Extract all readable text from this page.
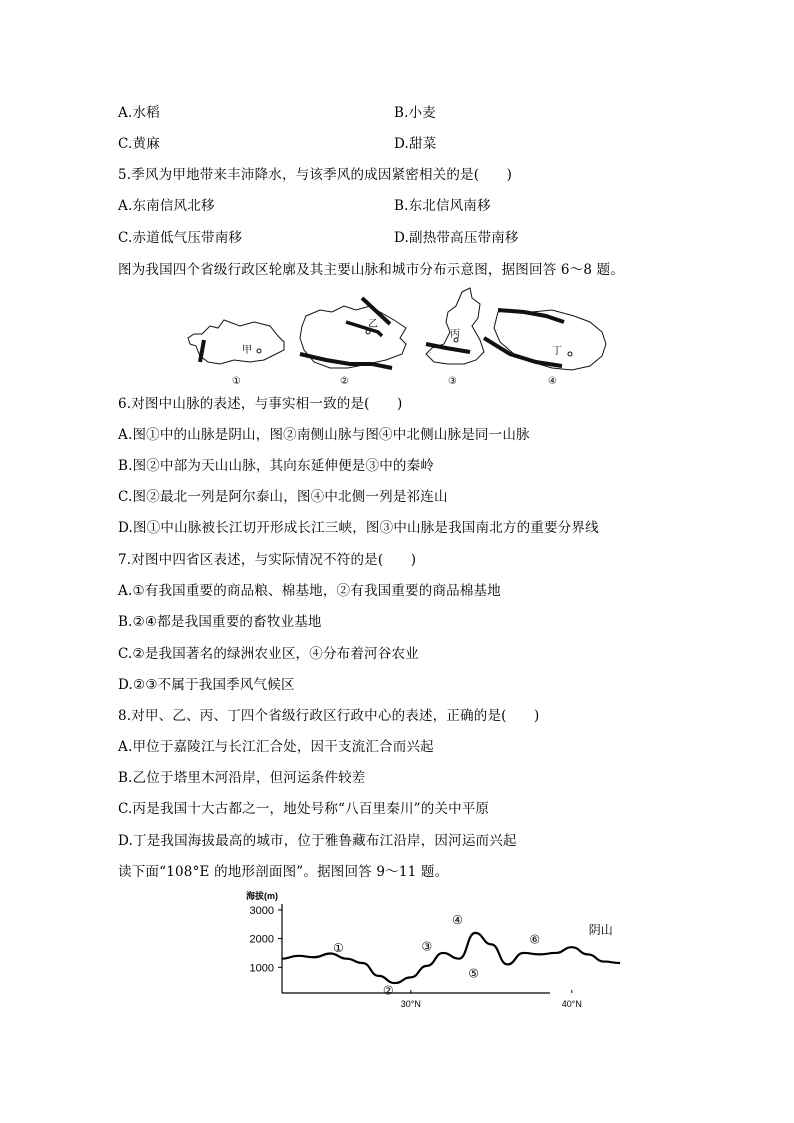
A.水稻	B.小麦
C.黄麻	D.甜菜
5.季风为甲地带来丰沛降水，与该季风的成因紧密相关的是(　　)
A.东南信风北移	B.东北信风南移
C.赤道低气压带南移	D.副热带高压带南移
图为我国四个省级行政区轮廓及其主要山脉和城市分布示意图，据图回答 6～8 题。
甲
①
乙
②
丙
③
丁
④
6.对图中山脉的表述，与事实相一致的是(　　)
A.图①中的山脉是阴山，图②南侧山脉与图④中北侧山脉是同一山脉
B.图②中部为天山山脉，其向东延伸便是③中的秦岭
C.图②最北一列是阿尔泰山，图④中北侧一列是祁连山
D.图①中山脉被长江切开形成长江三峡，图③中山脉是我国南北方的重要分界线
7.对图中四省区表述，与实际情况不符的是(　　)
A.①有我国重要的商品粮、棉基地，②有我国重要的商品棉基地
B.②④都是我国重要的畜牧业基地
C.②是我国著名的绿洲农业区，④分布着河谷农业
D.②③不属于我国季风气候区
8.对甲、乙、丙、丁四个省级行政区行政中心的表述，正确的是(　　)
A.甲位于嘉陵江与长江汇合处，因干支流汇合而兴起
B.乙位于塔里木河沿岸，但河运条件较差
C.丙是我国十大古都之一，地处号称“八百里秦川”的关中平原
D.丁是我国海拔最高的城市，位于雅鲁藏布江沿岸，因河运而兴起
读下面“108°E 的地形剖面图”。据图回答 9～11 题。
海拔(m)
1000
2000
3000
30°N	40°N
①
②
③
④
⑤
⑥
阴山
